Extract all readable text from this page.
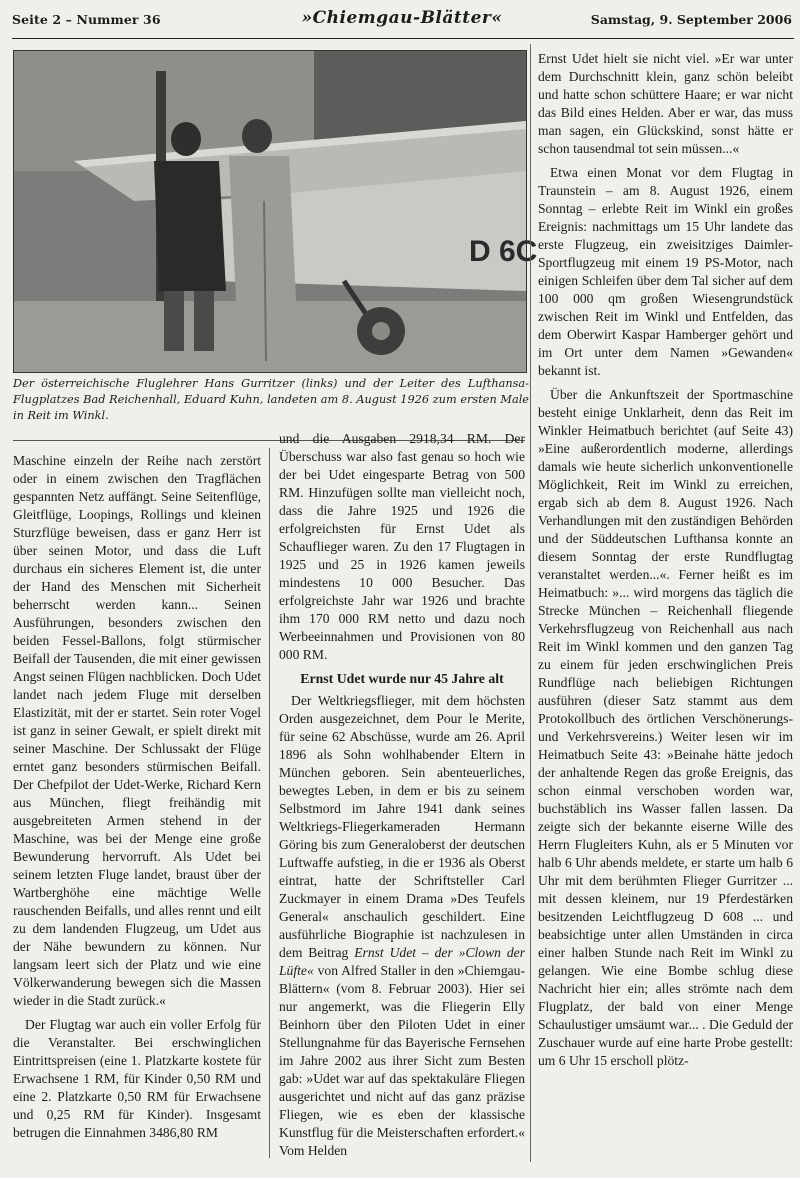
Seite 2 – Nummer 36	»Chiemgau-Blätter«	Samstag, 9. September 2006
D 6C
Der österreichische Fluglehrer Hans Gurritzer (links) und der Leiter des Lufthansa-Flugplatzes Bad Reichenhall, Eduard Kuhn, landeten am 8. August 1926 zum ersten Male in Reit im Winkl.

Maschine einzeln der Reihe nach zerstört oder in einem zwischen den Tragflächen gespannten Netz auffängt. Seine Seitenflüge, Gleitflüge, Loopings, Rollings und kleinen Sturzflüge beweisen, dass er ganz Herr ist über seinen Motor, und dass die Luft durchaus ein sicheres Element ist, die unter der Hand des Menschen mit Sicherheit beherrscht werden kann... Seinen Ausführungen, besonders zwischen den beiden Fessel-Ballons, folgt stürmischer Beifall der Tausenden, die mit einer gewissen Angst seinen Flügen nachblicken. Doch Udet landet nach jedem Fluge mit derselben Elastizität, mit der er startet. Sein roter Vogel ist ganz in seiner Gewalt, er spielt direkt mit seiner Maschine. Der Schlussakt der Flüge erntet ganz besonders stürmischen Beifall. Der Chefpilot der Udet-Werke, Richard Kern aus München, fliegt freihändig mit ausgebreiteten Armen stehend in der Maschine, was bei der Menge eine große Bewunderung hervorruft. Als Udet bei seinem letzten Fluge landet, braust über der Wartberghöhe eine mächtige Welle rauschenden Beifalls, und alles rennt und eilt zu dem landenden Flugzeug, um Udet aus der Nähe bewundern zu können. Nur langsam leert sich der Platz und wie eine Völkerwanderung bewegen sich die Massen wieder in die Stadt zurück.«

Der Flugtag war auch ein voller Erfolg für die Veranstalter. Bei erschwinglichen Eintrittspreisen (eine 1. Platzkarte kostete für Erwachsene 1 RM, für Kinder 0,50 RM und eine 2. Platzkarte 0,50 RM für Erwachsene und 0,25 RM für Kinder). Insgesamt betrugen die Einnahmen 3486,80 RM

und die Ausgaben 2918,34 RM. Der Überschuss war also fast genau so hoch wie der bei Udet eingesparte Betrag von 500 RM. Hinzufügen sollte man vielleicht noch, dass die Jahre 1925 und 1926 die erfolgreichsten für Ernst Udet als Schauflieger waren. Zu den 17 Flugtagen in 1925 und 25 in 1926 kamen jeweils mindestens 10 000 Besucher. Das erfolgreichste Jahr war 1926 und brachte ihm 170 000 RM netto und dazu noch Werbeeinnahmen und Provisionen von 80 000 RM.

Ernst Udet wurde nur 45 Jahre alt

Der Weltkriegsflieger, mit dem höchsten Orden ausgezeichnet, dem Pour le Merite, für seine 62 Abschüsse, wurde am 26. April 1896 als Sohn wohlhabender Eltern in München geboren. Sein abenteuerliches, bewegtes Leben, in dem er bis zu seinem Selbstmord im Jahre 1941 dank seines Weltkriegs-Fliegerkameraden Hermann Göring bis zum Generaloberst der deutschen Luftwaffe aufstieg, in die er 1936 als Oberst eintrat, hatte der Schriftsteller Carl Zuckmayer in einem Drama »Des Teufels General« anschaulich geschildert. Eine ausführliche Biographie ist nachzulesen in dem Beitrag Ernst Udet – der »Clown der Lüfte« von Alfred Staller in den »Chiemgau-Blättern« (vom 8. Februar 2003). Hier sei nur angemerkt, was die Fliegerin Elly Beinhorn über den Piloten Udet in einer Stellungnahme für das Bayerische Fernsehen im Jahre 2002 aus ihrer Sicht zum Besten gab: »Udet war auf das spektakuläre Fliegen ausgerichtet und nicht auf das ganz präzise Fliegen, wie es eben der klassische Kunstflug für die Meisterschaften erfordert.« Vom Helden

Ernst Udet hielt sie nicht viel. »Er war unter dem Durchschnitt klein, ganz schön beleibt und hatte schon schüttere Haare; er war nicht das Bild eines Helden. Aber er war, das muss man sagen, ein Glückskind, sonst hätte er schon tausendmal tot sein müssen...«

Etwa einen Monat vor dem Flugtag in Traunstein – am 8. August 1926, einem Sonntag – erlebte Reit im Winkl ein großes Ereignis: nachmittags um 15 Uhr landete das erste Flugzeug, ein zweisitziges Daimler-Sportflugzeug mit einem 19 PS-Motor, nach einigen Schleifen über dem Tal sicher auf dem 100 000 qm großen Wiesengrundstück zwischen Reit im Winkl und Entfelden, das dem Oberwirt Kaspar Hamberger gehört und im Ort unter dem Namen »Gewanden« bekannt ist.

Über die Ankunftszeit der Sportmaschine besteht einige Unklarheit, denn das Reit im Winkler Heimatbuch berichtet (auf Seite 43) »Eine außerordentlich moderne, allerdings damals wie heute sicherlich unkonventionelle Möglichkeit, Reit im Winkl zu erreichen, ergab sich ab dem 8. August 1926. Nach Verhandlungen mit den zuständigen Behörden und der Süddeutschen Lufthansa konnte an diesem Sonntag der erste Rundflugtag veranstaltet werden...«. Ferner heißt es im Heimatbuch: »... wird morgens das täglich die Strecke München – Reichenhall fliegende Verkehrsflugzeug von Reichenhall aus nach Reit im Winkl kommen und den ganzen Tag zu einem für jeden erschwinglichen Preis Rundflüge nach beliebigen Richtungen ausführen (dieser Satz stammt aus dem Protokollbuch des örtlichen Verschönerungs- und Verkehrsvereins.) Weiter lesen wir im Heimatbuch Seite 43: »Beinahe hätte jedoch der anhaltende Regen das große Ereignis, das schon einmal verschoben worden war, buchstäblich ins Wasser fallen lassen. Da zeigte sich der bekannte eiserne Wille des Herrn Flugleiters Kuhn, als er 5 Minuten vor halb 6 Uhr abends meldete, er starte um halb 6 Uhr mit dem berühmten Flieger Gurritzer ... mit dessen kleinem, nur 19 Pferdestärken besitzenden Leichtflugzeug D 608 ... und beabsichtige unter allen Umständen in circa einer halben Stunde nach Reit im Winkl zu gelangen. Wie eine Bombe schlug diese Nachricht hier ein; alles strömte nach dem Flugplatz, der bald von einer Menge Schaulustiger umsäumt war... . Die Geduld der Zuschauer wurde auf eine harte Probe gestellt: um 6 Uhr 15 erscholl plötz-
